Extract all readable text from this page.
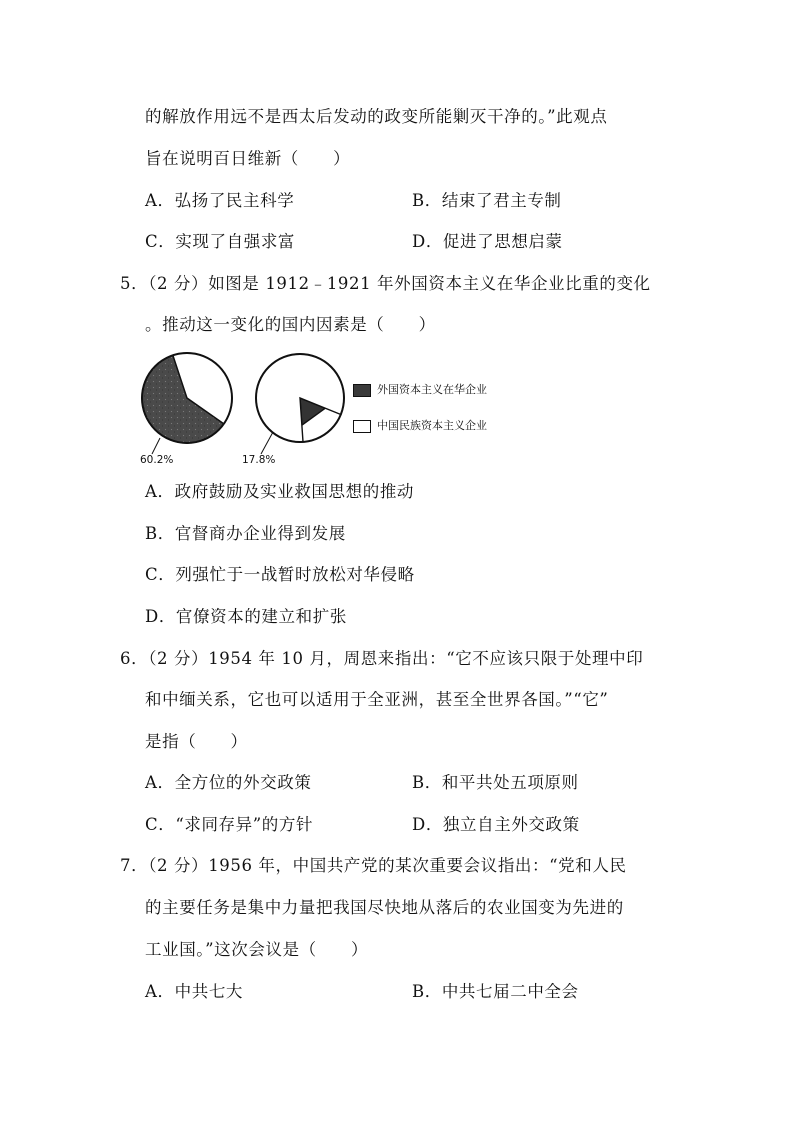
的解放作用远不是西太后发动的政变所能剿灭干净的。”此观点
旨在说明百日维新（　　）
A．弘扬了民主科学	B．结束了君主专制
C．实现了自强求富	D．促进了思想启蒙
5．（2 分）如图是 1912﹣1921 年外国资本主义在华企业比重的变化
。推动这一变化的国内因素是（　　）
60.2%	17.8%
外国资本主义在华企业
中国民族资本主义企业
A．政府鼓励及实业救国思想的推动
B．官督商办企业得到发展
C．列强忙于一战暂时放松对华侵略
D．官僚资本的建立和扩张
6．（2 分）1954 年 10 月，周恩来指出：“它不应该只限于处理中印
和中缅关系，它也可以适用于全亚洲，甚至全世界各国。”“它”
是指（　　）
A．全方位的外交政策	B．和平共处五项原则
C．“求同存异”的方针	D．独立自主外交政策
7．（2 分）1956 年，中国共产党的某次重要会议指出：“党和人民
的主要任务是集中力量把我国尽快地从落后的农业国变为先进的
工业国。”这次会议是（　　）
A．中共七大	B．中共七届二中全会
